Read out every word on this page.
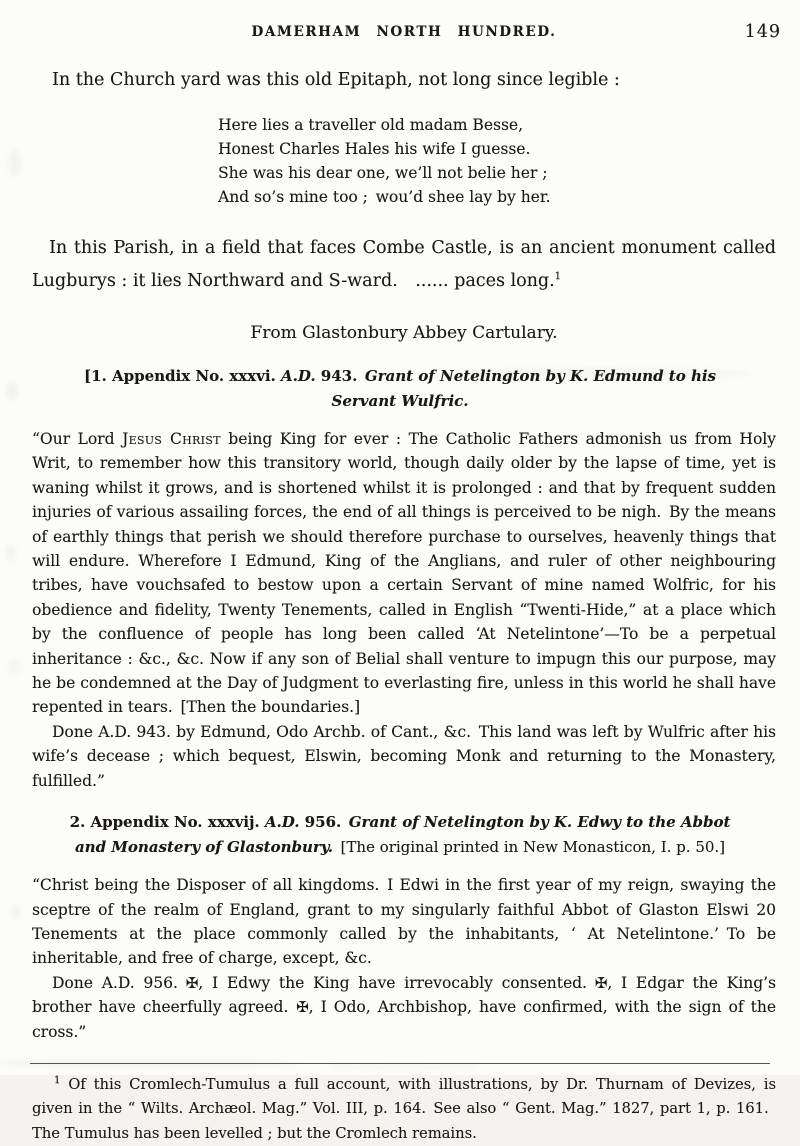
149
DAMERHAM NORTH HUNDRED.

In the Church yard was this old Epitaph, not long since legible :

Here lies a traveller old madam Besse,
Honest Charles Hales his wife I guesse.
She was his dear one, we’ll not belie her ;
And so’s mine too ; wou’d shee lay by her.

In this Parish, in a field that faces Combe Castle, is an ancient monument called Lugburys : it lies Northward and S-ward.  ...... paces long.$^1$

From Glastonbury Abbey Cartulary.
[1. Appendix No. xxxvi. A.D. 943. Grant of Netelington by K. Edmund to his Servant Wulfric.

“Our Lord Jesus Christ being King for ever : The Catholic Fathers admonish us from Holy Writ, to remember how this transitory world, though daily older by the lapse of time, yet is waning whilst it grows, and is shortened whilst it is prolonged : and that by frequent sudden injuries of various assailing forces, the end of all things is perceived to be nigh. By the means of earthly things that perish we should therefore purchase to ourselves, heavenly things that will endure. Wherefore I Edmund, King of the Anglians, and ruler of other neighbouring tribes, have vouchsafed to bestow upon a certain Servant of mine named Wolfric, for his obedience and fidelity, Twenty Tenements, called in English “Twenti-Hide,” at a place which by the confluence of people has long been called ‘At Netelintone’—To be a perpetual inheritance : &c., &c. Now if any son of Belial shall venture to impugn this our purpose, may he be condemned at the Day of Judgment to everlasting fire, unless in this world he shall have repented in tears. [Then the boundaries.]

Done A.D. 943. by Edmund, Odo Archb. of Cant., &c. This land was left by Wulfric after his wife’s decease ; which bequest, Elswin, becoming Monk and returning to the Monastery, fulfilled.”

2. Appendix No. xxxvij. A.D. 956. Grant of Netelington by K. Edwy to the Abbot and Monastery of Glastonbury. [The original printed in New Monasticon, I. p. 50.]

“Christ being the Disposer of all kingdoms. I Edwi in the first year of my reign, swaying the sceptre of the realm of England, grant to my singularly faithful Abbot of Glaston Elswi 20 Tenements at the place commonly called by the inhabitants, ‘ At Netelintone.’ To be inheritable, and free of charge, except, &c.

Done A.D. 956. ✠, I Edwy the King have irrevocably consented. ✠, I Edgar the King’s brother have cheerfully agreed. ✠, I Odo, Archbishop, have confirmed, with the sign of the cross.”

$^1$ Of this Cromlech-Tumulus a full account, with illustrations, by Dr. Thurnam of Devizes, is given in the “ Wilts. Archæol. Mag.” Vol. III, p. 164. See also “ Gent. Mag.” 1827, part 1, p. 161. The Tumulus has been levelled ; but the Cromlech remains.
